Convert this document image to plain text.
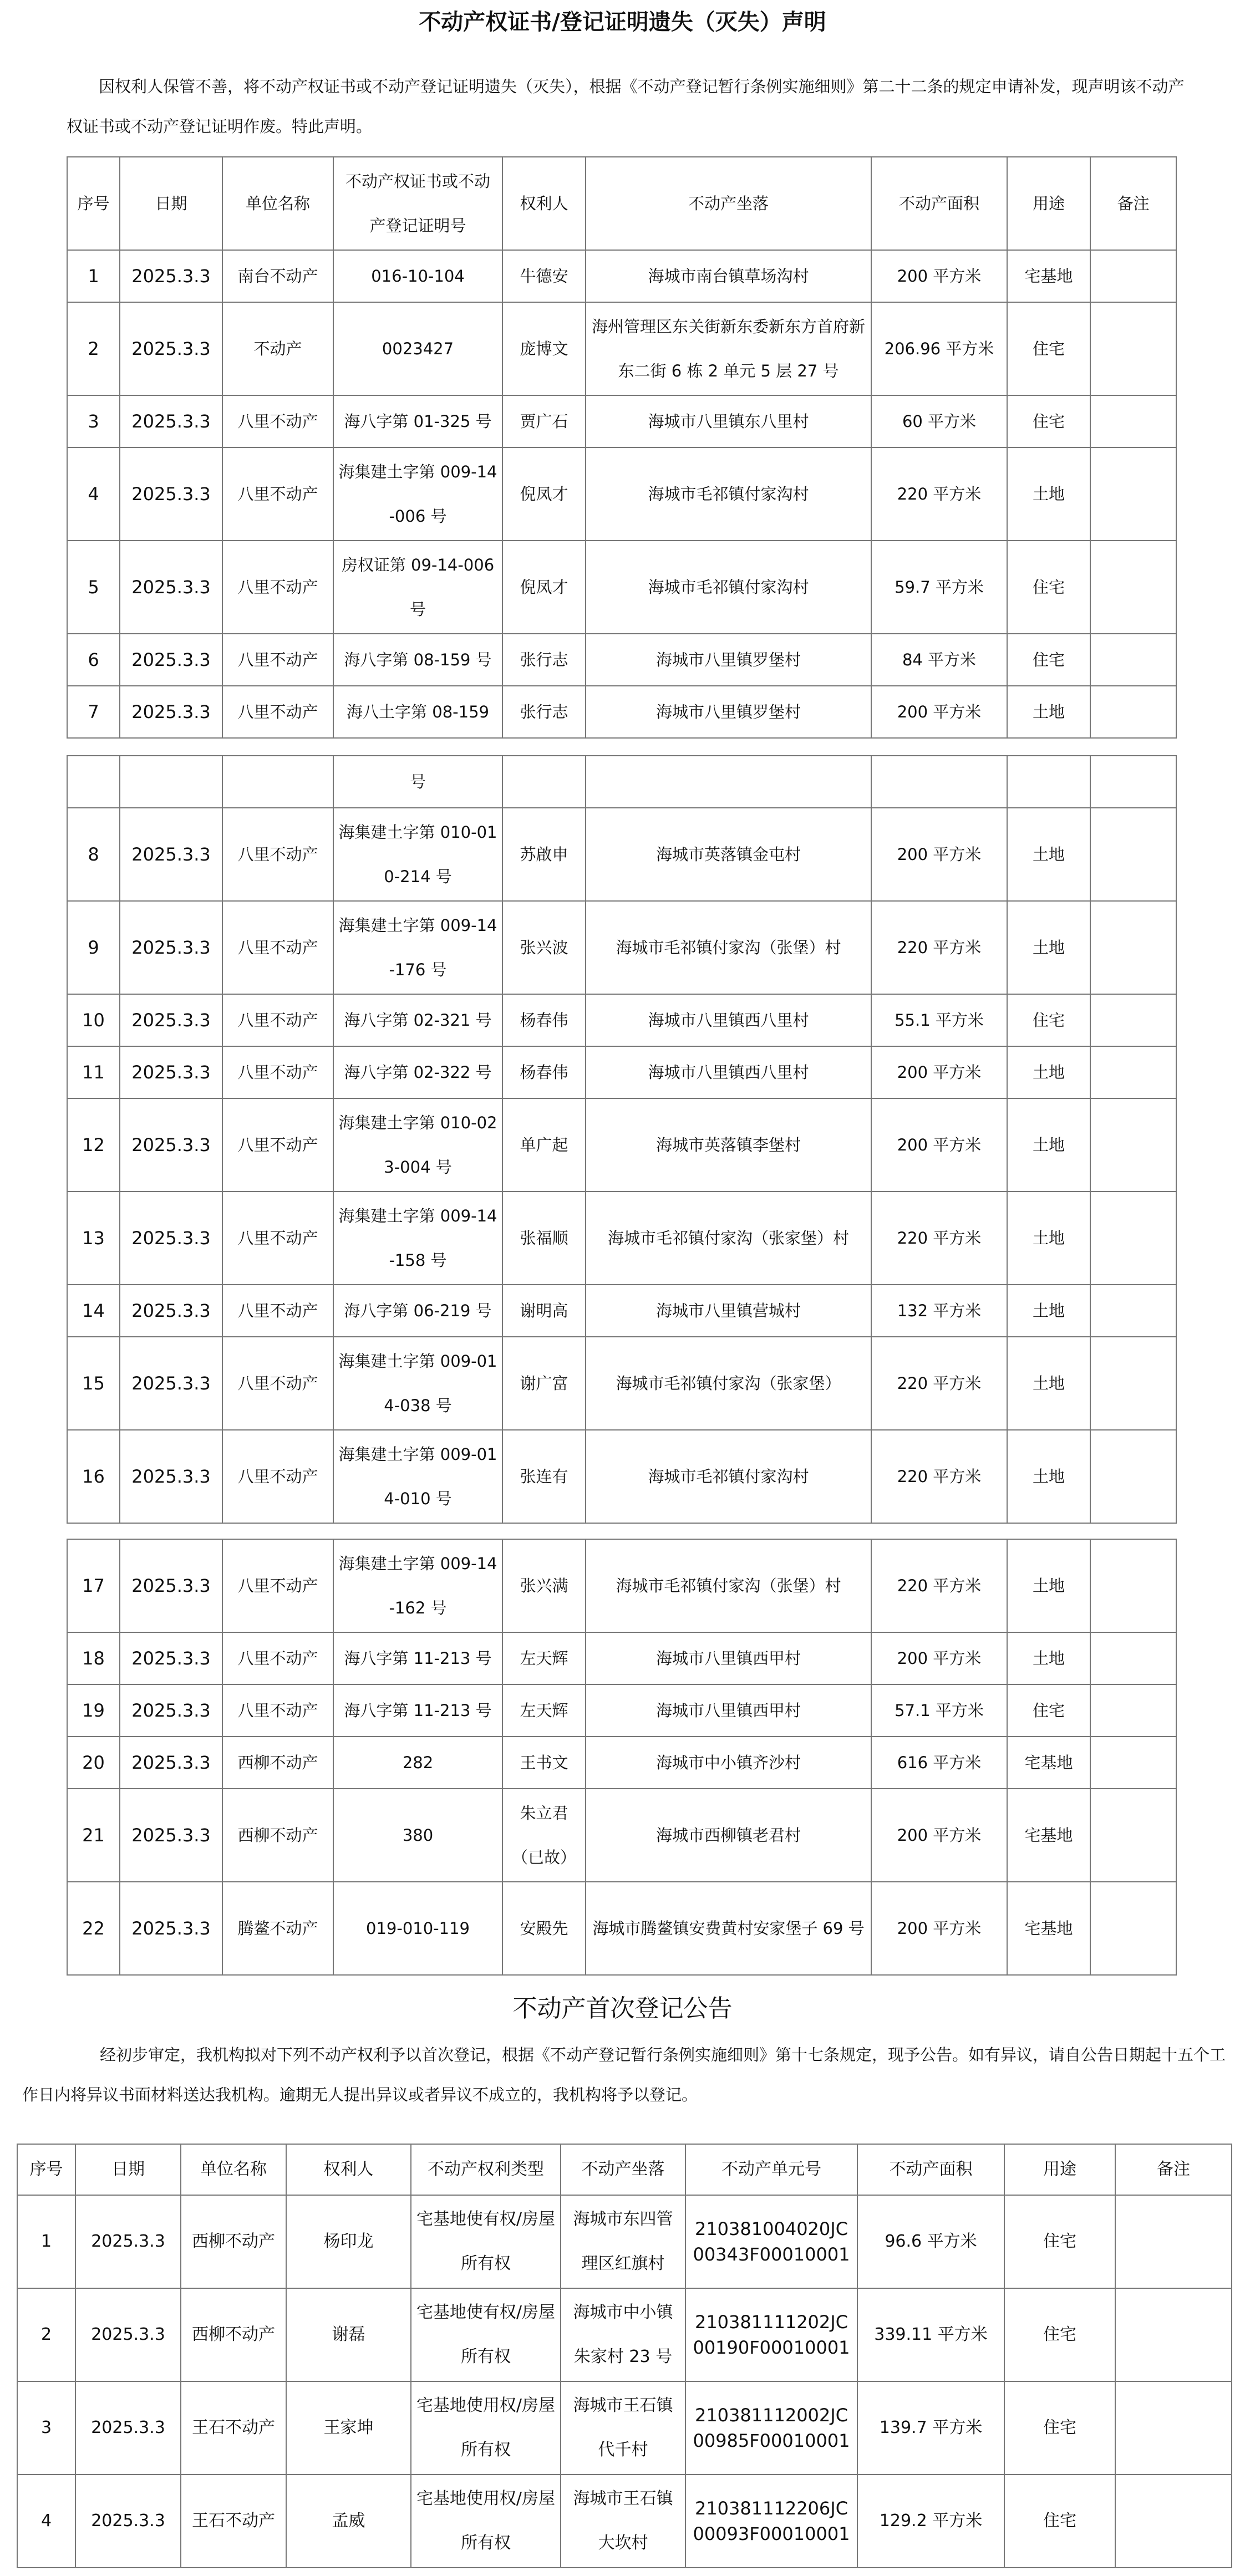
不动产权证书/登记证明遗失（灭失）声明
因权利人保管不善，将不动产权证书或不动产登记证明遗失（灭失），根据《不动产登记暂行条例实施细则》第二十二条的规定申请补发，现声明该不动产权证书或不动产登记证明作废。特此声明。
序号	日期	单位名称	不动产权证书或不动产登记证明号	权利人	不动产坐落	不动产面积	用途	备注
1	2025.3.3	南台不动产	016-10-104	牛德安	海城市南台镇草场沟村	200 平方米	宅基地	
2	2025.3.3	不动产	0023427	庞博文	海州管理区东关街新东委新东方首府新东二街 6 栋 2 单元 5 层 27 号	206.96 平方米	住宅	
3	2025.3.3	八里不动产	海八字第 01-325 号	贾广石	海城市八里镇东八里村	60 平方米	住宅	
4	2025.3.3	八里不动产	海集建土字第 009-14-006 号	倪凤才	海城市毛祁镇付家沟村	220 平方米	土地	
5	2025.3.3	八里不动产	房权证第 09-14-006 号	倪凤才	海城市毛祁镇付家沟村	59.7 平方米	住宅	
6	2025.3.3	八里不动产	海八字第 08-159 号	张行志	海城市八里镇罗堡村	84 平方米	住宅	
7	2025.3.3	八里不动产	海八土字第 08-159	张行志	海城市八里镇罗堡村	200 平方米	土地	
			号					
8	2025.3.3	八里不动产	海集建土字第 010-010-214 号	苏啟申	海城市英落镇金屯村	200 平方米	土地	
9	2025.3.3	八里不动产	海集建土字第 009-14-176 号	张兴波	海城市毛祁镇付家沟（张堡）村	220 平方米	土地	
10	2025.3.3	八里不动产	海八字第 02-321 号	杨春伟	海城市八里镇西八里村	55.1 平方米	住宅	
11	2025.3.3	八里不动产	海八字第 02-322 号	杨春伟	海城市八里镇西八里村	200 平方米	土地	
12	2025.3.3	八里不动产	海集建土字第 010-023-004 号	单广起	海城市英落镇李堡村	200 平方米	土地	
13	2025.3.3	八里不动产	海集建土字第 009-14-158 号	张福顺	海城市毛祁镇付家沟（张家堡）村	220 平方米	土地	
14	2025.3.3	八里不动产	海八字第 06-219 号	谢明高	海城市八里镇营城村	132 平方米	土地	
15	2025.3.3	八里不动产	海集建土字第 009-014-038 号	谢广富	海城市毛祁镇付家沟（张家堡）	220 平方米	土地	
16	2025.3.3	八里不动产	海集建土字第 009-014-010 号	张连有	海城市毛祁镇付家沟村	220 平方米	土地	
17	2025.3.3	八里不动产	海集建土字第 009-14-162 号	张兴满	海城市毛祁镇付家沟（张堡）村	220 平方米	土地	
18	2025.3.3	八里不动产	海八字第 11-213 号	左天辉	海城市八里镇西甲村	200 平方米	土地	
19	2025.3.3	八里不动产	海八字第 11-213 号	左天辉	海城市八里镇西甲村	57.1 平方米	住宅	
20	2025.3.3	西柳不动产	282	王书文	海城市中小镇齐沙村	616 平方米	宅基地	
21	2025.3.3	西柳不动产	380	朱立君（已故）	海城市西柳镇老君村	200 平方米	宅基地	
22	2025.3.3	腾鳌不动产	019-010-119	安殿先	海城市腾鳌镇安费黄村安家堡子 69 号	200 平方米	宅基地	
不动产首次登记公告
经初步审定，我机构拟对下列不动产权利予以首次登记，根据《不动产登记暂行条例实施细则》第十七条规定，现予公告。如有异议，请自公告日期起十五个工作日内将异议书面材料送达我机构。逾期无人提出异议或者异议不成立的，我机构将予以登记。
序号	日期	单位名称	权利人	不动产权利类型	不动产坐落	不动产单元号	不动产面积	用途	备注
1	2025.3.3	西柳不动产	杨印龙	宅基地使有权/房屋所有权	海城市东四管理区红旗村	210381004020JC00343F00010001	96.6 平方米	住宅	
2	2025.3.3	西柳不动产	谢磊	宅基地使有权/房屋所有权	海城市中小镇朱家村 23 号	210381111202JC00190F00010001	339.11 平方米	住宅	
3	2025.3.3	王石不动产	王家坤	宅基地使用权/房屋所有权	海城市王石镇代千村	210381112002JC00985F00010001	139.7 平方米	住宅	
4	2025.3.3	王石不动产	孟威	宅基地使用权/房屋所有权	海城市王石镇大坎村	210381112206JC00093F00010001	129.2 平方米	住宅	
